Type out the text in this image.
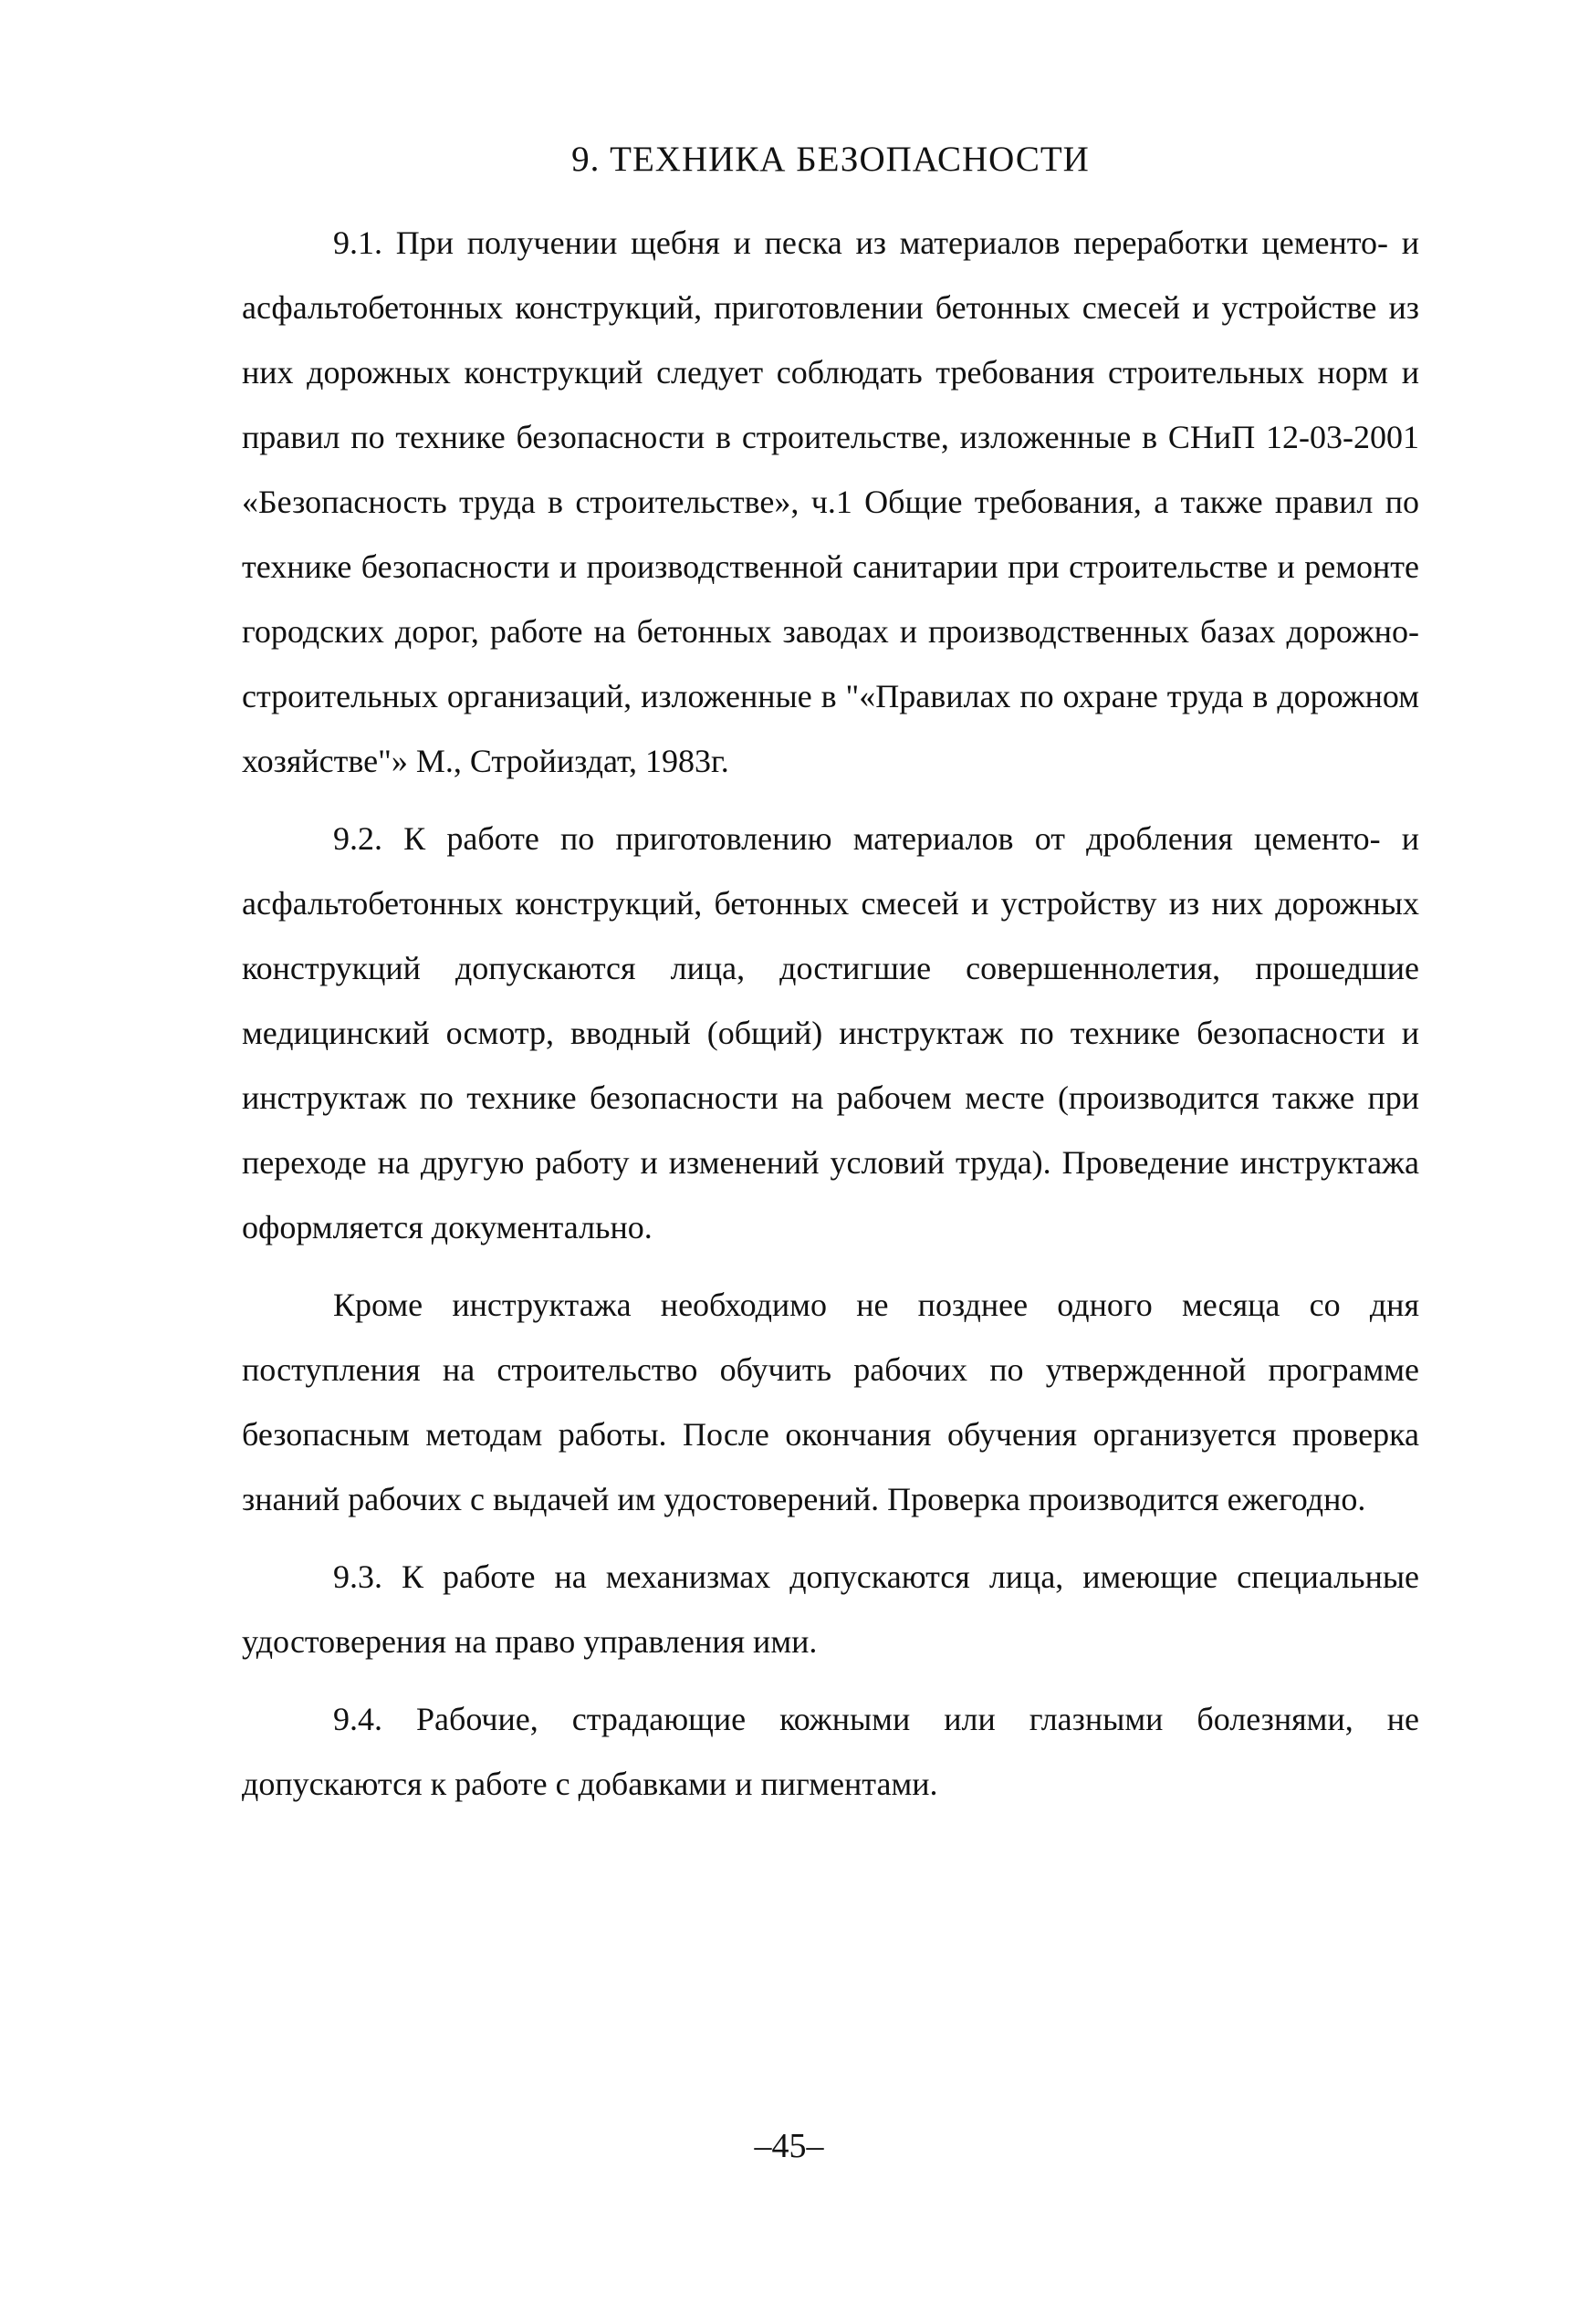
9. ТЕХНИКА БЕЗОПАСНОСТИ

9.1. При получении щебня и песка из материалов переработки цементо- и асфальтобетонных конструкций, приготовлении бетонных смесей и устройстве из них дорожных конструкций следует соблюдать требования строительных норм и правил по технике безопасности в строительстве, изложенные в СНиП 12-03-2001 «Безопасность труда в строительстве», ч.1 Общие требования, а также правил по технике безопасности и производственной санитарии при строительстве и ремонте городских дорог, работе на бетонных заводах и производственных базах дорожно-строительных организаций, изложенные в "«Правилах по охране труда в дорожном хозяйстве"» М., Стройиздат, 1983г.

9.2. К работе по приготовлению материалов от дробления цементо- и асфальтобетонных конструкций, бетонных смесей и устройству из них дорожных конструкций допускаются лица, достигшие совершеннолетия, прошедшие медицинский осмотр, вводный (общий) инструктаж по технике безопасности и инструктаж по технике безопасности на рабочем месте (производится также при переходе на другую работу и изменений условий труда). Проведение инструктажа оформляется документально.

Кроме инструктажа необходимо не позднее одного месяца со дня поступления на строительство обучить рабочих по утвержденной программе безопасным методам работы. После окончания обучения организуется проверка знаний рабочих с выдачей им удостоверений. Проверка производится ежегодно.

9.3. К работе на механизмах допускаются лица, имеющие специальные удостоверения на право управления ими.

9.4. Рабочие, страдающие кожными или глазными болезнями, не допускаются к работе с добавками и пигментами.

–45–
